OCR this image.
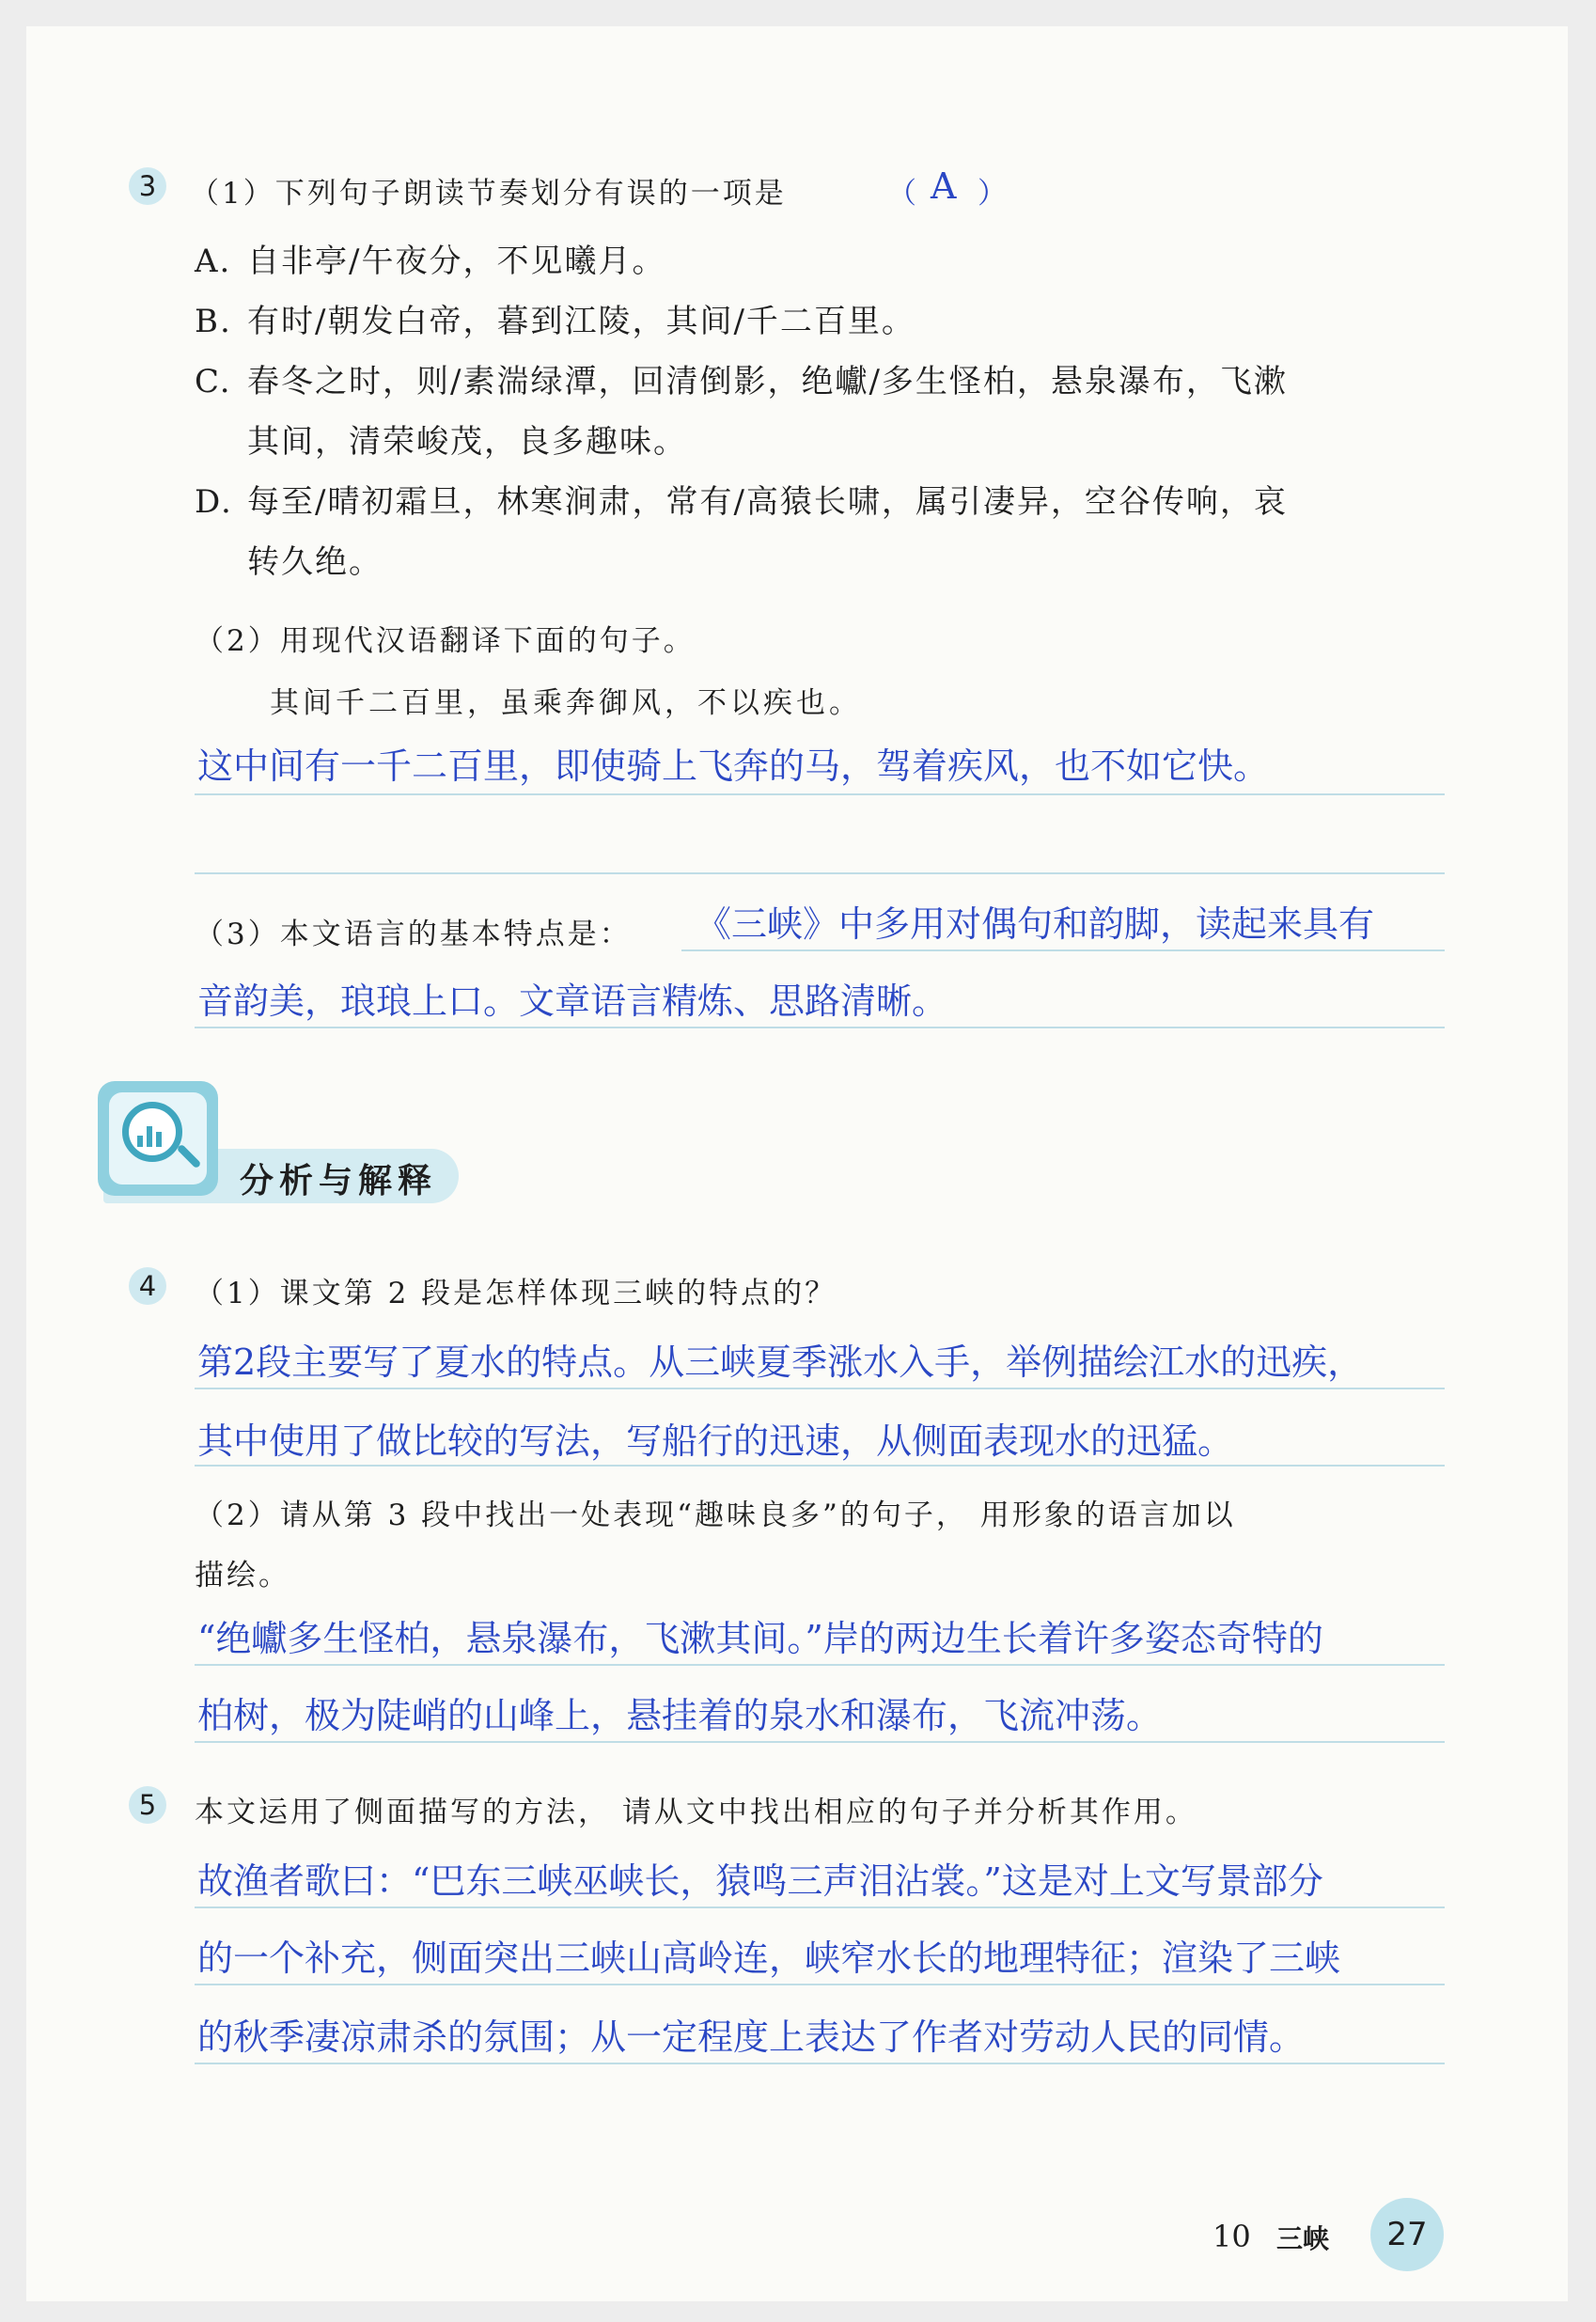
3	（1）下列句子朗读节奏划分有误的一项是	（ A ）
A. 自非亭/午夜分，不见曦月。
B. 有时/朝发白帝，暮到江陵，其间/千二百里。
C. 春冬之时，则/素湍绿潭，回清倒影，绝巘/多生怪柏，悬泉瀑布，飞漱
其间，清荣峻茂，良多趣味。
D. 每至/晴初霜旦，林寒涧肃，常有/高猿长啸，属引凄异，空谷传响，哀
转久绝。
（2）用现代汉语翻译下面的句子。
其间千二百里，虽乘奔御风，不以疾也。
这中间有一千二百里，即使骑上飞奔的马，驾着疾风，也不如它快。
（3）本文语言的基本特点是： 《三峡》中多用对偶句和韵脚，读起来具有
音韵美，琅琅上口。文章语言精炼、思路清晰。
分析与解释
4	（1）课文第 2 段是怎样体现三峡的特点的？
第2段主要写了夏水的特点。从三峡夏季涨水入手，举例描绘江水的迅疾，
其中使用了做比较的写法，写船行的迅速，从侧面表现水的迅猛。
（2）请从第 3 段中找出一处表现“趣味良多”的句子， 用形象的语言加以
描绘。
“绝巘多生怪柏，悬泉瀑布，飞漱其间。”岸的两边生长着许多姿态奇特的
柏树，极为陡峭的山峰上，悬挂着的泉水和瀑布，飞流冲荡。
5	本文运用了侧面描写的方法， 请从文中找出相应的句子并分析其作用。
故渔者歌曰：“巴东三峡巫峡长，猿鸣三声泪沾裳。”这是对上文写景部分
的一个补充，侧面突出三峡山高岭连，峡窄水长的地理特征；渲染了三峡
的秋季凄凉肃杀的氛围；从一定程度上表达了作者对劳动人民的同情。
10 三峡	27
